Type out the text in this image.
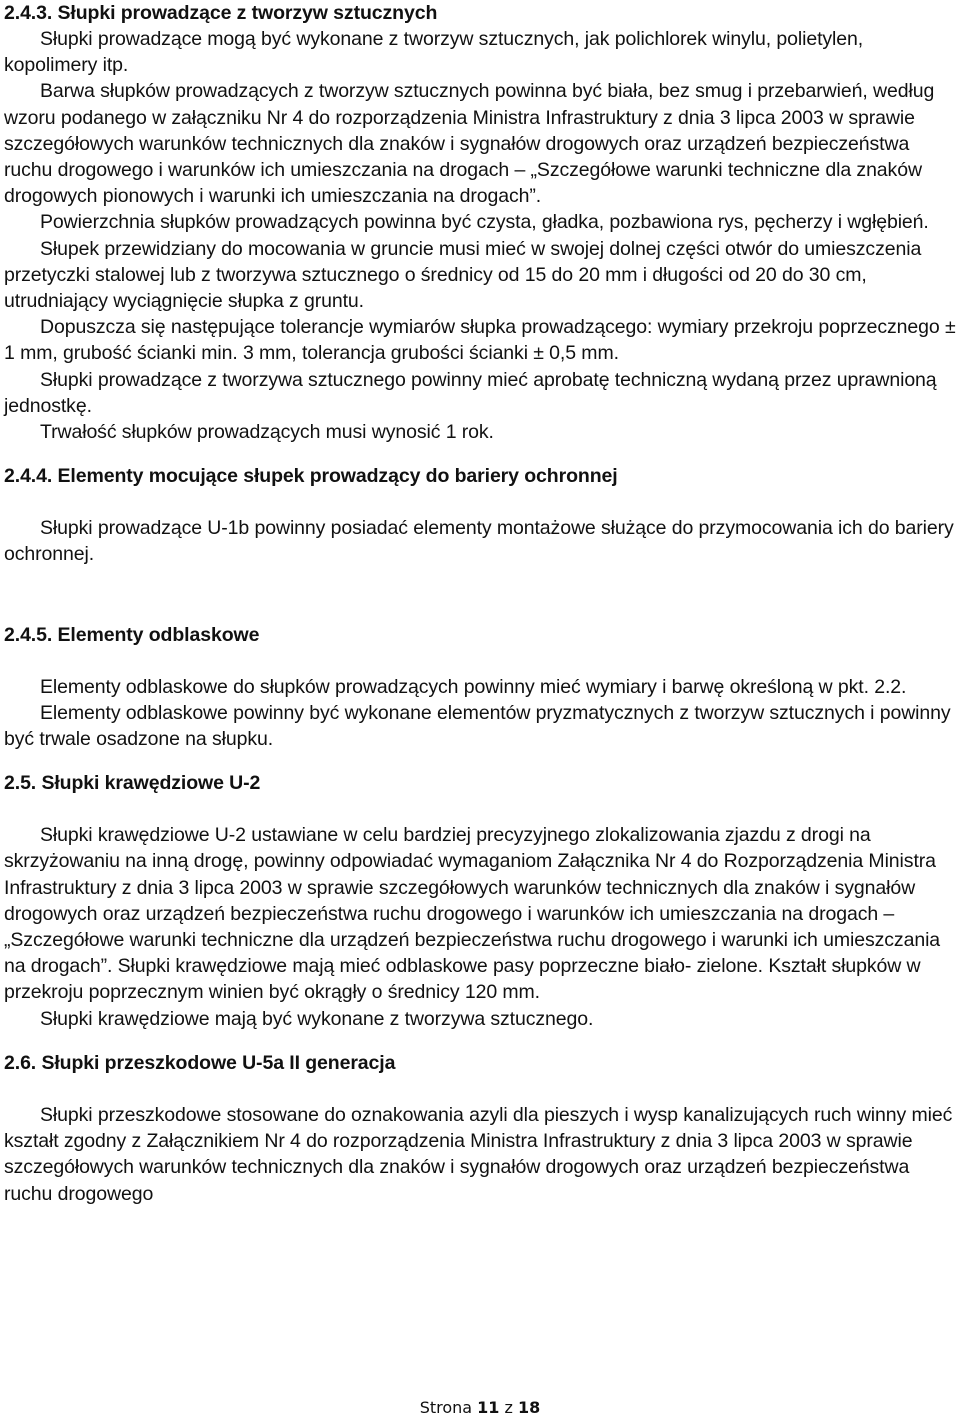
2.4.3. Słupki prowadzące z tworzyw sztucznych

Słupki prowadzące mogą być wykonane z tworzyw sztucznych, jak polichlorek winylu, polietylen, kopolimery itp.

Barwa słupków prowadzących z tworzyw sztucznych powinna być biała, bez smug i przebarwień, według wzoru podanego w załączniku Nr 4 do rozporządzenia Ministra Infrastruktury z dnia 3 lipca 2003 w sprawie szczegółowych warunków technicznych dla znaków i sygnałów drogowych oraz urządzeń bezpieczeństwa ruchu drogowego i warunków ich umieszczania na drogach – „Szczegółowe warunki techniczne dla znaków drogowych pionowych i warunki ich umieszczania na drogach”.

Powierzchnia słupków prowadzących powinna być czysta, gładka, pozbawiona rys, pęcherzy i wgłębień.

Słupek przewidziany do mocowania w gruncie musi mieć w swojej dolnej części otwór do umieszczenia przetyczki stalowej lub z tworzywa sztucznego o średnicy od 15 do 20 mm i długości od 20 do 30 cm, utrudniający wyciągnięcie słupka z gruntu.

Dopuszcza się następujące tolerancje wymiarów słupka prowadzącego: wymiary przekroju poprzecznego ± 1 mm, grubość ścianki min. 3 mm, tolerancja grubości ścianki ± 0,5 mm.

Słupki prowadzące z tworzywa sztucznego powinny mieć aprobatę techniczną wydaną przez uprawnioną jednostkę.

Trwałość słupków prowadzących musi wynosić 1 rok.

2.4.4. Elementy mocujące słupek prowadzący do bariery ochronnej

Słupki prowadzące U-1b powinny posiadać elementy montażowe służące do przymocowania ich do bariery ochronnej.

2.4.5. Elementy odblaskowe

Elementy odblaskowe do słupków prowadzących powinny mieć wymiary i barwę określoną w pkt. 2.2.

Elementy odblaskowe powinny być wykonane elementów pryzmatycznych z tworzyw sztucznych i powinny być trwale osadzone na słupku.

2.5. Słupki krawędziowe U-2

Słupki krawędziowe U-2 ustawiane w celu bardziej precyzyjnego zlokalizowania zjazdu z drogi na skrzyżowaniu na inną drogę, powinny odpowiadać wymaganiom Załącznika Nr 4 do Rozporządzenia Ministra Infrastruktury z dnia 3 lipca 2003 w sprawie szczegółowych warunków technicznych dla znaków i sygnałów drogowych oraz urządzeń bezpieczeństwa ruchu drogowego i warunków ich umieszczania na drogach – „Szczegółowe warunki techniczne dla urządzeń bezpieczeństwa ruchu drogowego i warunki ich umieszczania na drogach”. Słupki krawędziowe mają mieć odblaskowe pasy poprzeczne biało- zielone. Kształt słupków w przekroju poprzecznym winien być okrągły o średnicy 120 mm.

Słupki krawędziowe mają być wykonane z tworzywa sztucznego.

2.6. Słupki przeszkodowe U-5a II generacja

Słupki przeszkodowe stosowane do oznakowania azyli dla pieszych i wysp kanalizujących ruch winny mieć kształt zgodny z Załącznikiem Nr 4 do rozporządzenia Ministra Infrastruktury z dnia 3 lipca 2003 w sprawie szczegółowych warunków technicznych dla znaków i sygnałów drogowych oraz urządzeń bezpieczeństwa ruchu drogowego

Strona 11 z 18
